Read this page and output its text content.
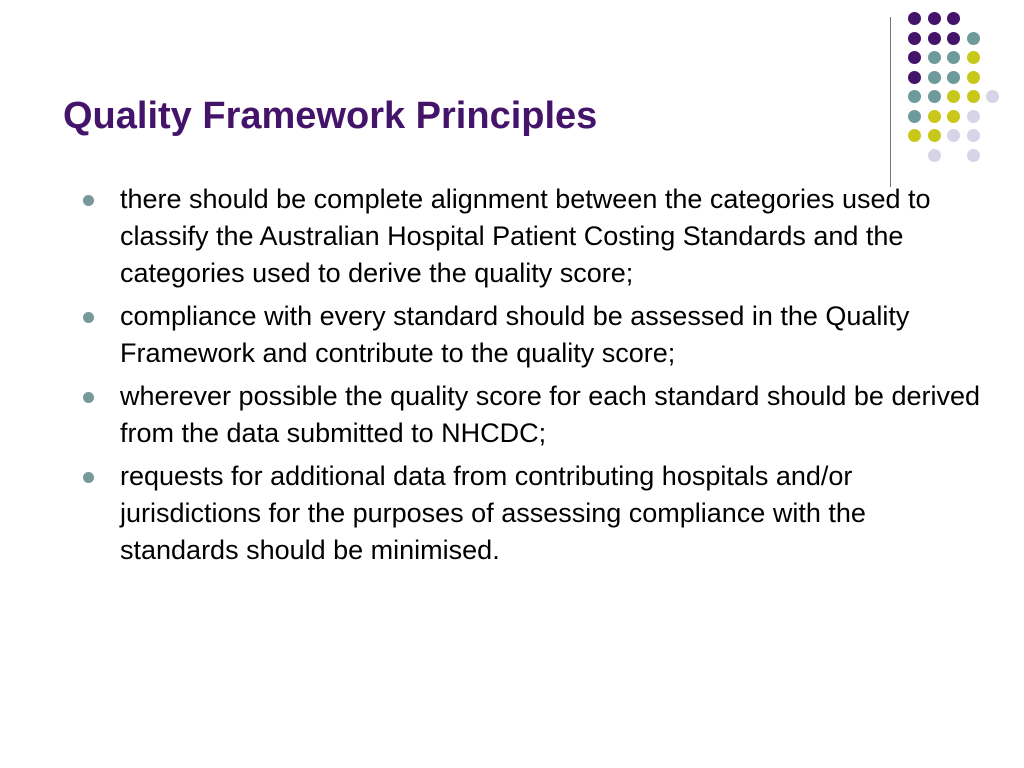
Quality Framework Principles
there should be complete alignment between the categories used to classify the Australian Hospital Patient Costing Standards and the categories used to derive the quality score;
compliance with every standard should be assessed in the Quality Framework and contribute to the quality score;
wherever possible the quality score for each standard should be derived from the data submitted to NHCDC;
requests for additional data from contributing hospitals and/or jurisdictions for the purposes of assessing compliance with the standards should be minimised.
